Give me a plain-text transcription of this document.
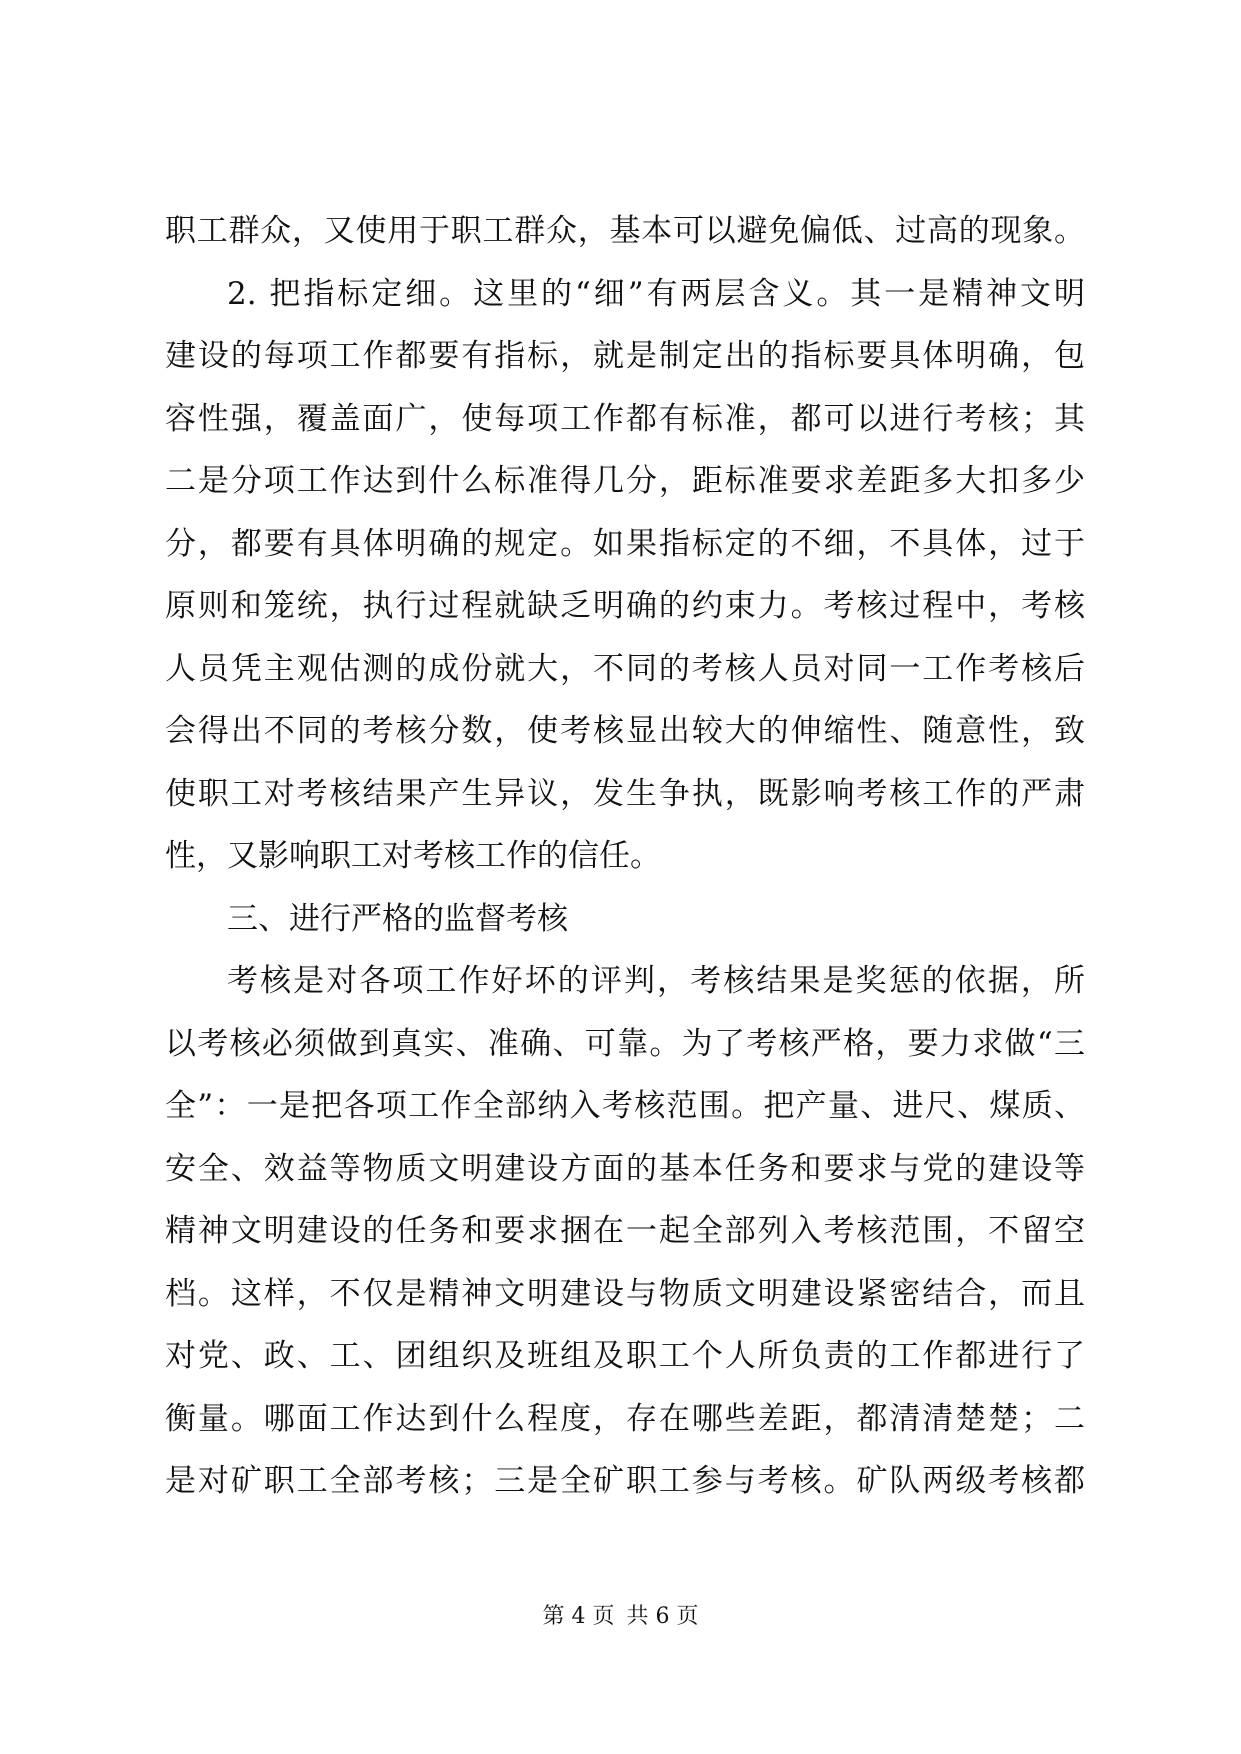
职工群众，又使用于职工群众，基本可以避免偏低、过高的现象。
2. 把指标定细。这里的“细”有两层含义。其一是精神文明
建设的每项工作都要有指标，就是制定出的指标要具体明确，包
容性强，覆盖面广，使每项工作都有标准，都可以进行考核；其
二是分项工作达到什么标准得几分，距标准要求差距多大扣多少
分，都要有具体明确的规定。如果指标定的不细，不具体，过于
原则和笼统，执行过程就缺乏明确的约束力。考核过程中，考核
人员凭主观估测的成份就大，不同的考核人员对同一工作考核后
会得出不同的考核分数，使考核显出较大的伸缩性、随意性，致
使职工对考核结果产生异议，发生争执，既影响考核工作的严肃
性，又影响职工对考核工作的信任。
三、进行严格的监督考核
考核是对各项工作好坏的评判，考核结果是奖惩的依据，所
以考核必须做到真实、准确、可靠。为了考核严格，要力求做“三
全”：一是把各项工作全部纳入考核范围。把产量、进尺、煤质、
安全、效益等物质文明建设方面的基本任务和要求与党的建设等
精神文明建设的任务和要求捆在一起全部列入考核范围，不留空
档。这样，不仅是精神文明建设与物质文明建设紧密结合，而且
对党、政、工、团组织及班组及职工个人所负责的工作都进行了
衡量。哪面工作达到什么程度，存在哪些差距，都清清楚楚；二
是对矿职工全部考核；三是全矿职工参与考核。矿队两级考核都
第 4 页 共 6 页
